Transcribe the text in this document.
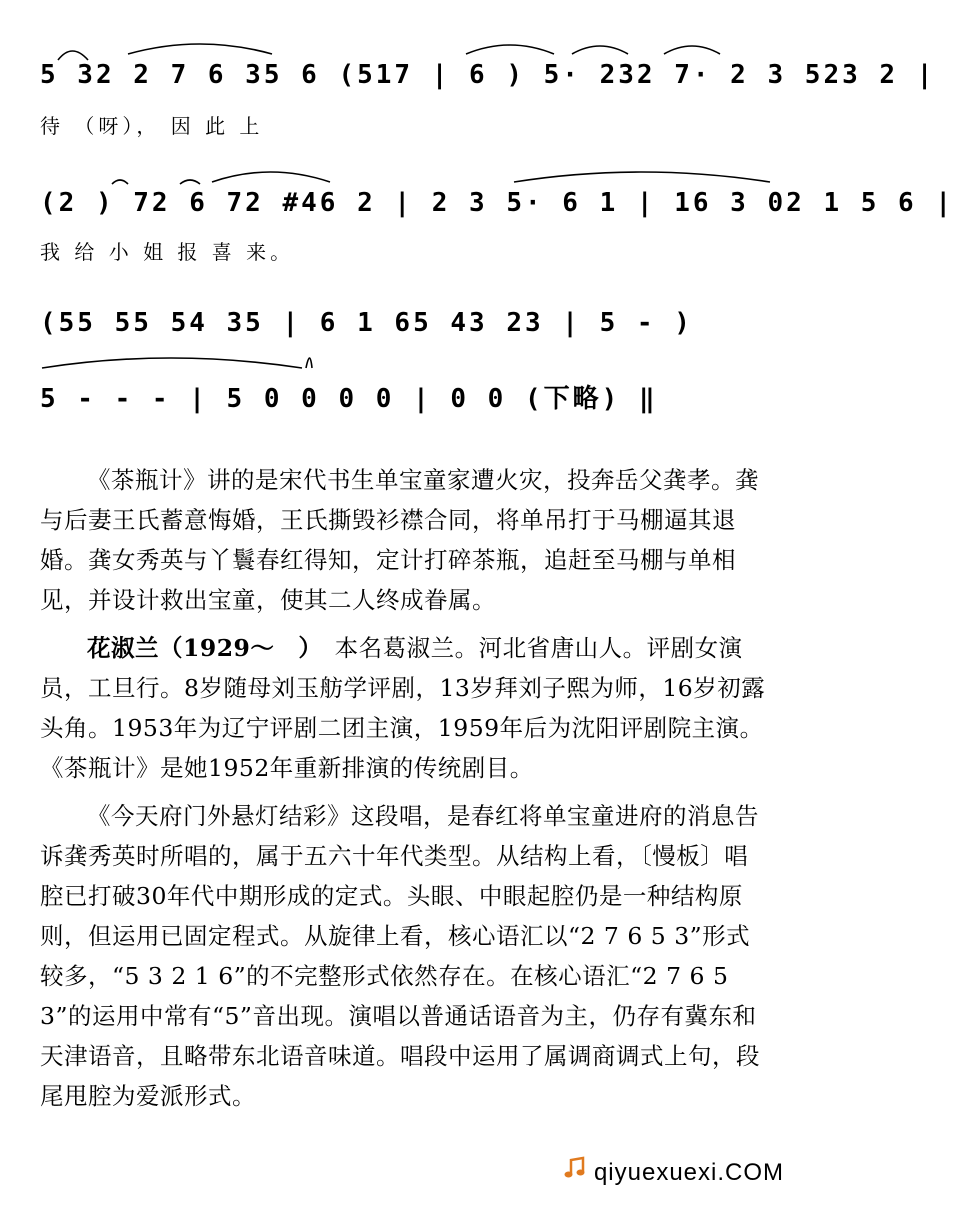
5 32 2 7 6 35 6 (517 | 6 ) 5· 232 7· 2 3 523 2 |
待 （呀）， 因 此 上
(2 ) 72 6 72 #46 2 | 2 3 5· 6 1 | 16 3 02 1 5 6 |
我 给 小 姐 报 喜 来。
(55 55 54 35 | 6 1 65 43 23 | 5 - )
5 - - - | 5 0 0 0 0 | 0 0 (下略) ‖

《茶瓶计》讲的是宋代书生单宝童家遭火灾，投奔岳父龚孝。龚与后妻王氏蓄意悔婚，王氏撕毁衫襟合同，将单吊打于马棚逼其退婚。龚女秀英与丫鬟春红得知，定计打碎茶瓶，追赶至马棚与单相见，并设计救出宝童，使其二人终成眷属。

花淑兰（1929～　）　本名葛淑兰。河北省唐山人。评剧女演员，工旦行。8岁随母刘玉舫学评剧，13岁拜刘子熙为师，16岁初露头角。1953年为辽宁评剧二团主演，1959年后为沈阳评剧院主演。《茶瓶计》是她1952年重新排演的传统剧目。

《今天府门外悬灯结彩》这段唱，是春红将单宝童进府的消息告诉龚秀英时所唱的，属于五六十年代类型。从结构上看，〔慢板〕唱腔已打破30年代中期形成的定式。头眼、中眼起腔仍是一种结构原则，但运用已固定程式。从旋律上看，核心语汇以“2 7 6 5 3”形式较多，“5 3 2 1 6”的不完整形式依然存在。在核心语汇“2 7 6 5 3”的运用中常有“5”音出现。演唱以普通话语音为主，仍存有冀东和天津语音，且略带东北语音味道。唱段中运用了属调商调式上句，段尾甩腔为爱派形式。

qiyuexuexi.COM
